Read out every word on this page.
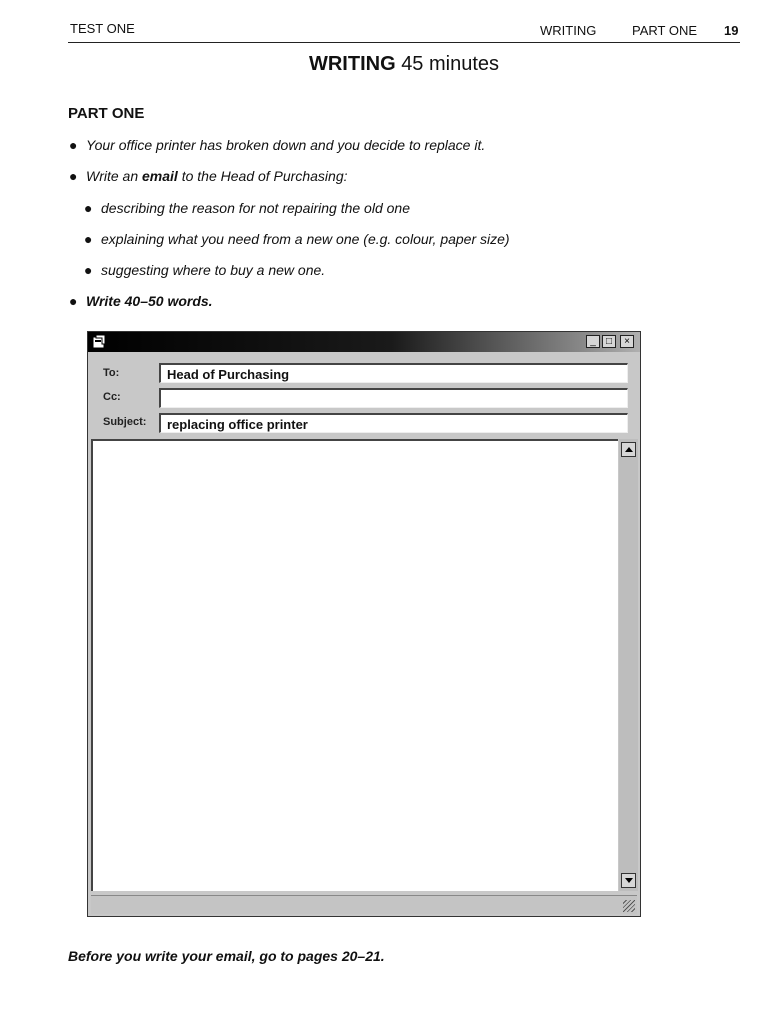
TEST ONE	WRITING	PART ONE 19
WRITING 45 minutes
PART ONE
● Your office printer has broken down and you decide to replace it.
● Write an email to the Head of Purchasing:
● describing the reason for not repairing the old one
● explaining what you need from a new one (e.g. colour, paper size)
● suggesting where to buy a new one.
● Write 40–50 words.
_	□	×
To:	Head of Purchasing
Cc:
Subject:	replacing office printer
Before you write your email, go to pages 20–21.
